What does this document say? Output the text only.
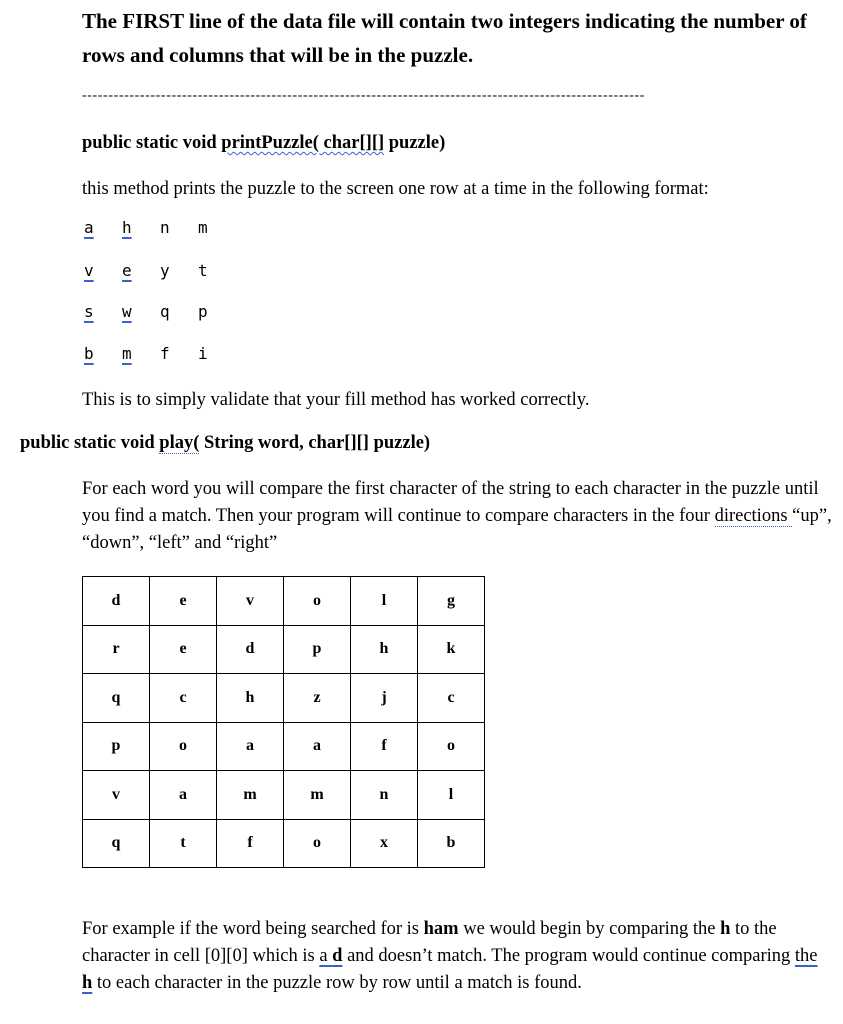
The FIRST line of the data file will contain two integers indicating the number of rows and columns that will be in the puzzle.
-----------------------------------------------------------------------------------------------------------
public static void printPuzzle( char[][] puzzle)
this method prints the puzzle to the screen one row at a time in the following format:
a h n m
v e y t
s w q p
b m f i
This is to simply validate that your fill method has worked correctly.
public static void play( String word, char[][] puzzle)
For each word you will compare the first character of the string to each character in the puzzle until you find a match. Then your program will continue to compare characters in the four directions “up”, “down”, “left” and “right”
d	e	v	o	l	g
r	e	d	p	h	k
q	c	h	z	j	c
p	o	a	a	f	o
v	a	m	m	n	l
q	t	f	o	x	b
For example if the word being searched for is ham we would begin by comparing the h to the character in cell [0][0] which is a d and doesn’t match. The program would continue comparing the h to each character in the puzzle row by row until a match is found.
